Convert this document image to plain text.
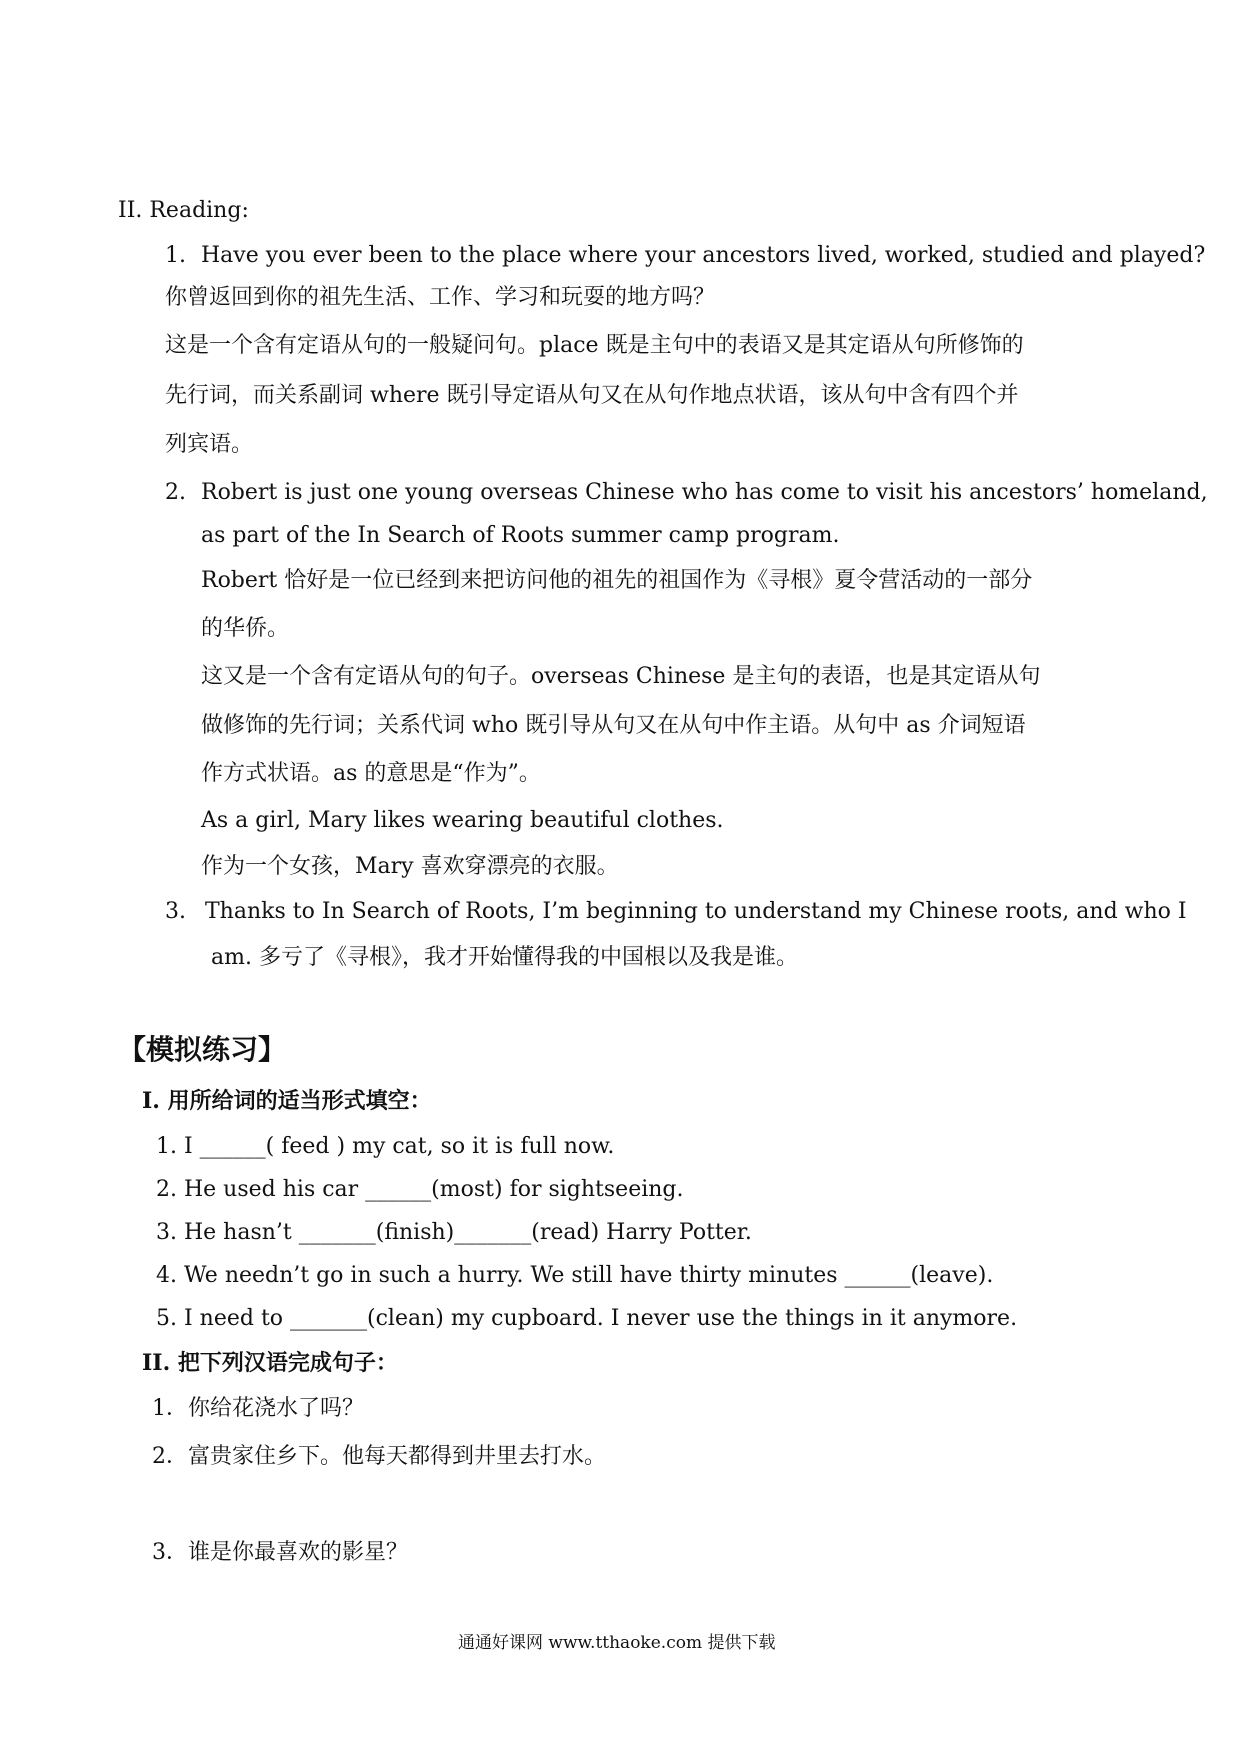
II. Reading:

1. Have you ever been to the place where your ancestors lived, worked, studied and played?

你曾返回到你的祖先生活、工作、学习和玩耍的地方吗？

这是一个含有定语从句的一般疑问句。place 既是主句中的表语又是其定语从句所修饰的

先行词，而关系副词 where 既引导定语从句又在从句作地点状语，该从句中含有四个并

列宾语。

2. Robert is just one young overseas Chinese who has come to visit his ancestors’ homeland,

as part of the In Search of Roots summer camp program.

Robert 恰好是一位已经到来把访问他的祖先的祖国作为《寻根》夏令营活动的一部分

的华侨。

这又是一个含有定语从句的句子。overseas Chinese 是主句的表语，也是其定语从句

做修饰的先行词；关系代词 who 既引导从句又在从句中作主语。从句中 as 介词短语

作方式状语。as 的意思是“作为”。

As a girl, Mary likes wearing beautiful clothes.

作为一个女孩，Mary 喜欢穿漂亮的衣服。

3. Thanks to In Search of Roots, I’m beginning to understand my Chinese roots, and who I

am. 多亏了《寻根》，我才开始懂得我的中国根以及我是谁。

【模拟练习】

I. 用所给词的适当形式填空：

1. I ______( feed ) my cat, so it is full now.

2. He used his car ______(most) for sightseeing.

3. He hasn’t _______(finish)_______(read) Harry Potter.

4. We needn’t go in such a hurry. We still have thirty minutes ______(leave).

5. I need to _______(clean) my cupboard. I never use the things in it anymore.

II. 把下列汉语完成句子：

1．你给花浇水了吗？

2．富贵家住乡下。他每天都得到井里去打水。

3．谁是你最喜欢的影星？

通通好课网 www.tthaoke.com 提供下载
